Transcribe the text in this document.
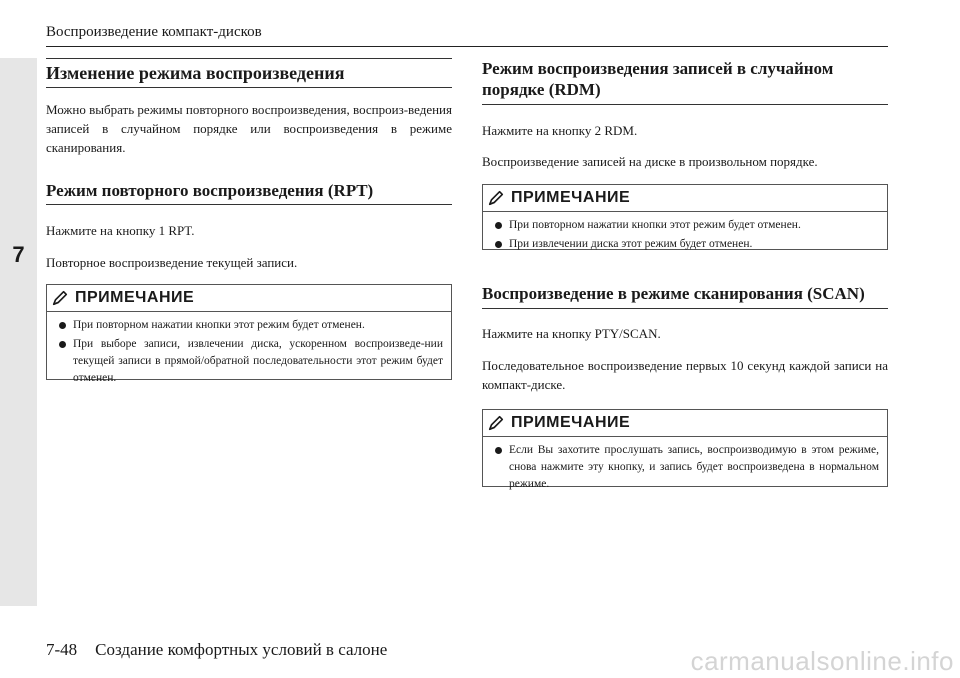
Воспроизведение компакт-дисков
7
Изменение режима воспроизведения
Можно выбрать режимы повторного воспроизведения, воспроиз-ведения записей в случайном порядке или воспроизведения в режиме сканирования.
Режим повторного воспроизведения (RPT)
Нажмите на кнопку 1 RPT.
Повторное воспроизведение текущей записи.
ПРИМЕЧАНИЕ
При повторном нажатии кнопки этот режим будет отменен.
При выборе записи, извлечении диска, ускоренном воспроизведе-нии текущей записи в прямой/обратной последовательности этот режим будет отменен.
Режим воспроизведения записей в случайном порядке (RDM)
Нажмите на кнопку 2 RDM.
Воспроизведение записей на диске в произвольном порядке.
ПРИМЕЧАНИЕ
При повторном нажатии кнопки этот режим будет отменен.
При извлечении диска этот режим будет отменен.
Воспроизведение в режиме сканирования (SCAN)
Нажмите на кнопку PTY/SCAN.
Последовательное воспроизведение первых 10 секунд каждой записи на компакт-диске.
ПРИМЕЧАНИЕ
Если Вы захотите прослушать запись, воспроизводимую в этом режиме, снова нажмите эту кнопку, и запись будет воспроизведена в нормальном режиме.
7-48 Создание комфортных условий в салоне	carmanualsonline.info
